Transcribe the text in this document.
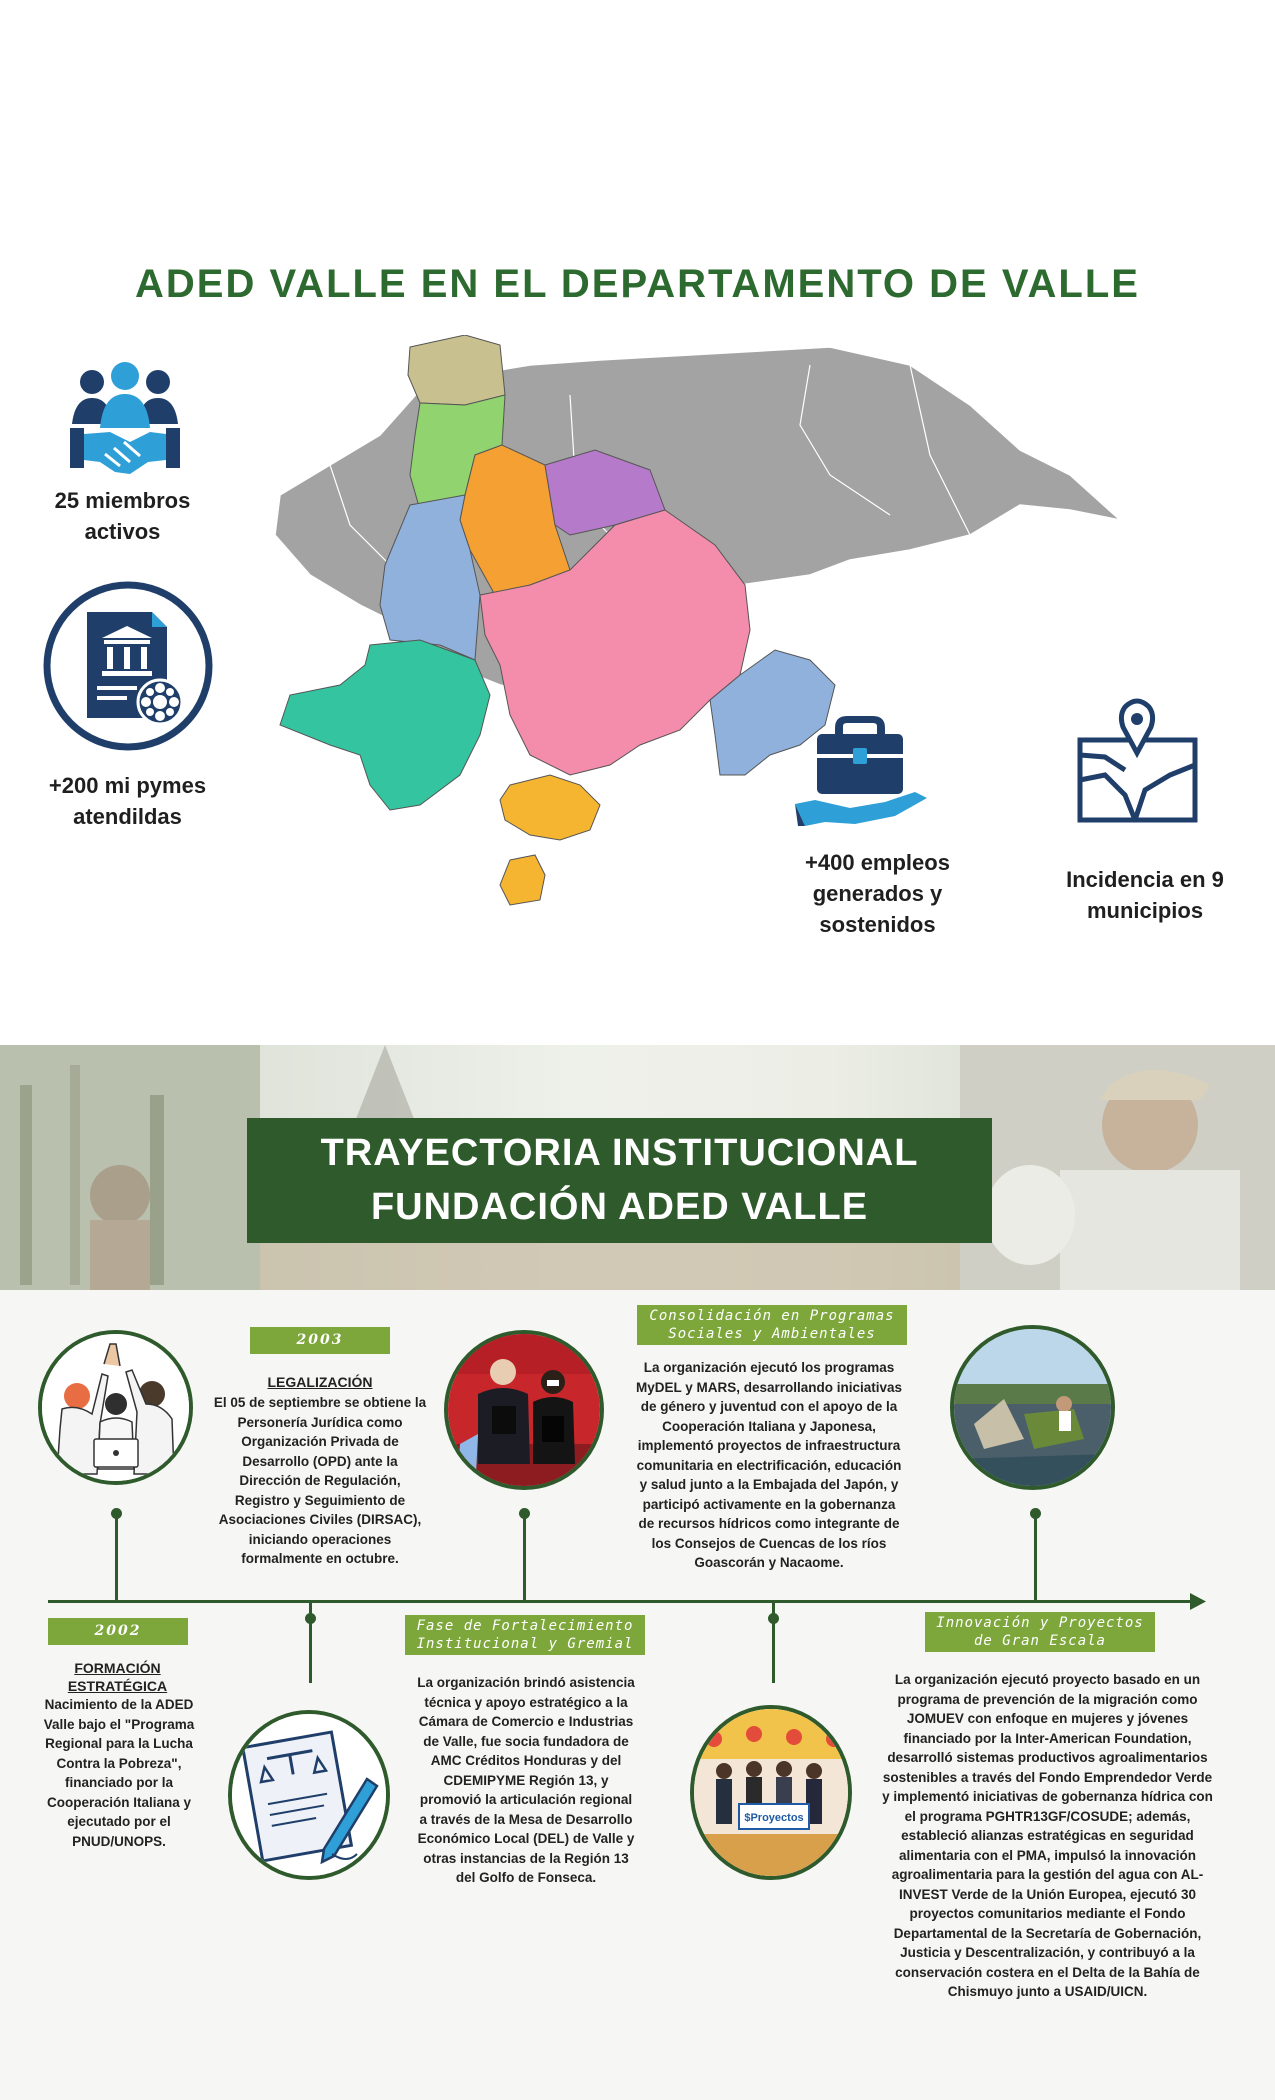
ADED VALLE EN EL DEPARTAMENTO DE VALLE
25 miembros activos
+200 mi pymes atendildas
+400 empleos generados y sostenidos
Incidencia en 9 municipios
TRAYECTORIA INSTITUCIONAL
FUNDACIÓN ADED VALLE
$Proyectos
2003
LEGALIZACIÓN
El 05 de septiembre se obtiene la Personería Jurídica como Organización Privada de Desarrollo (OPD) ante la Dirección de Regulación, Registro y Seguimiento de Asociaciones Civiles (DIRSAC), iniciando operaciones formalmente en octubre.
Consolidación en Programas Sociales y Ambientales
La organización ejecutó los programas MyDEL y MARS, desarrollando iniciativas de género y juventud con el apoyo de la Cooperación Italiana y Japonesa, implementó proyectos de infraestructura comunitaria en electrificación, educación y salud junto a la Embajada del Japón, y participó activamente en la gobernanza de recursos hídricos como integrante de los Consejos de Cuencas de los ríos Goascorán y Nacaome.
2002
FORMACIÓN ESTRATÉGICA
Nacimiento de la ADED Valle bajo el "Programa Regional para la Lucha Contra la Pobreza", financiado por la Cooperación Italiana y ejecutado por el PNUD/UNOPS.
Fase de Fortalecimiento Institucional y Gremial
La organización brindó asistencia técnica y apoyo estratégico a la Cámara de Comercio e Industrias de Valle, fue socia fundadora de AMC Créditos Honduras y del CDEMIPYME Región 13, y promovió la articulación regional a través de la Mesa de Desarrollo Económico Local (DEL) de Valle y otras instancias de la Región 13 del Golfo de Fonseca.
Innovación y Proyectos de Gran Escala
La organización ejecutó proyecto basado en un programa de prevención de la migración como JOMUEV con enfoque en mujeres y jóvenes financiado por la Inter-American Foundation, desarrolló sistemas productivos agroalimentarios sostenibles a través del Fondo Emprendedor Verde y implementó iniciativas de gobernanza hídrica con el programa PGHTR13GF/COSUDE; además, estableció alianzas estratégicas en seguridad alimentaria con el PMA, impulsó la innovación agroalimentaria para la gestión del agua con AL-INVEST Verde de la Unión Europea, ejecutó 30 proyectos comunitarios mediante el Fondo Departamental de la Secretaría de Gobernación, Justicia y Descentralización, y contribuyó a la conservación costera en el Delta de la Bahía de Chismuyo junto a USAID/UICN.
